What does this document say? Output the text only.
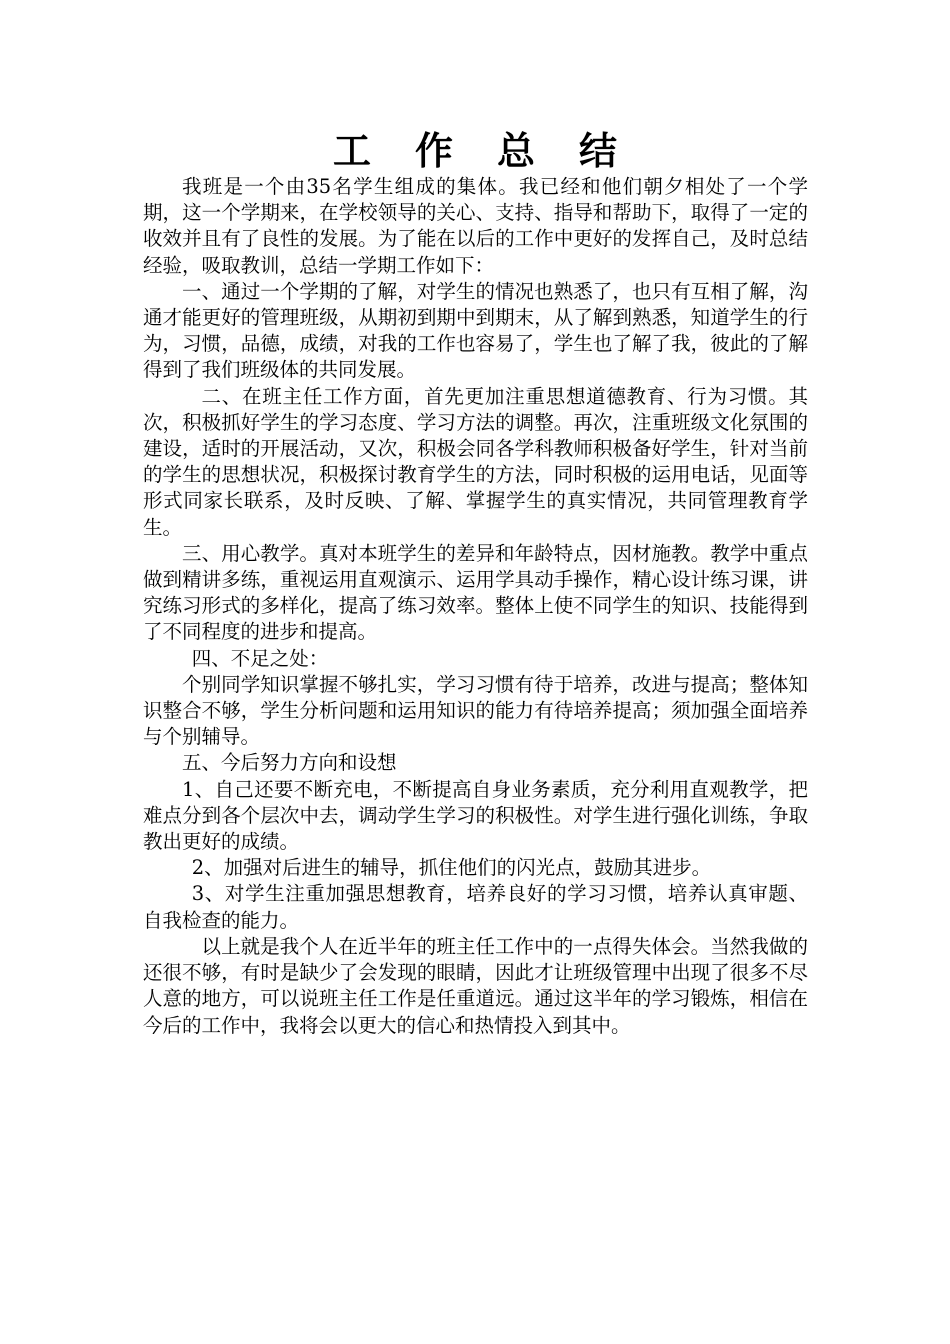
工 作 总 结

我班是一个由35名学生组成的集体。我已经和他们朝夕相处了一个学期，这一个学期来，在学校领导的关心、支持、指导和帮助下，取得了一定的收效并且有了良性的发展。为了能在以后的工作中更好的发挥自己，及时总结经验，吸取教训，总结一学期工作如下：

一、通过一个学期的了解，对学生的情况也熟悉了，也只有互相了解，沟通才能更好的管理班级，从期初到期中到期末，从了解到熟悉，知道学生的行为，习惯，品德，成绩，对我的工作也容易了，学生也了解了我，彼此的了解得到了我们班级体的共同发展。

二、在班主任工作方面，首先更加注重思想道德教育、行为习惯。其次，积极抓好学生的学习态度、学习方法的调整。再次，注重班级文化氛围的建设，适时的开展活动，又次，积极会同各学科教师积极备好学生，针对当前的学生的思想状况，积极探讨教育学生的方法，同时积极的运用电话，见面等形式同家长联系，及时反映、了解、掌握学生的真实情况，共同管理教育学生。

三、用心教学。真对本班学生的差异和年龄特点，因材施教。教学中重点做到精讲多练，重视运用直观演示、运用学具动手操作，精心设计练习课，讲究练习形式的多样化，提高了练习效率。整体上使不同学生的知识、技能得到了不同程度的进步和提高。

四、不足之处：

个别同学知识掌握不够扎实，学习习惯有待于培养，改进与提高；整体知识整合不够，学生分析问题和运用知识的能力有待培养提高；须加强全面培养与个别辅导。

五、今后努力方向和设想

1、自己还要不断充电，不断提高自身业务素质，充分利用直观教学，把难点分到各个层次中去，调动学生学习的积极性。对学生进行强化训练，争取教出更好的成绩。

2、加强对后进生的辅导，抓住他们的闪光点，鼓励其进步。

3、对学生注重加强思想教育，培养良好的学习习惯，培养认真审题、自我检查的能力。

以上就是我个人在近半年的班主任工作中的一点得失体会。当然我做的还很不够，有时是缺少了会发现的眼睛，因此才让班级管理中出现了很多不尽人意的地方，可以说班主任工作是任重道远。通过这半年的学习锻炼，相信在今后的工作中，我将会以更大的信心和热情投入到其中。
